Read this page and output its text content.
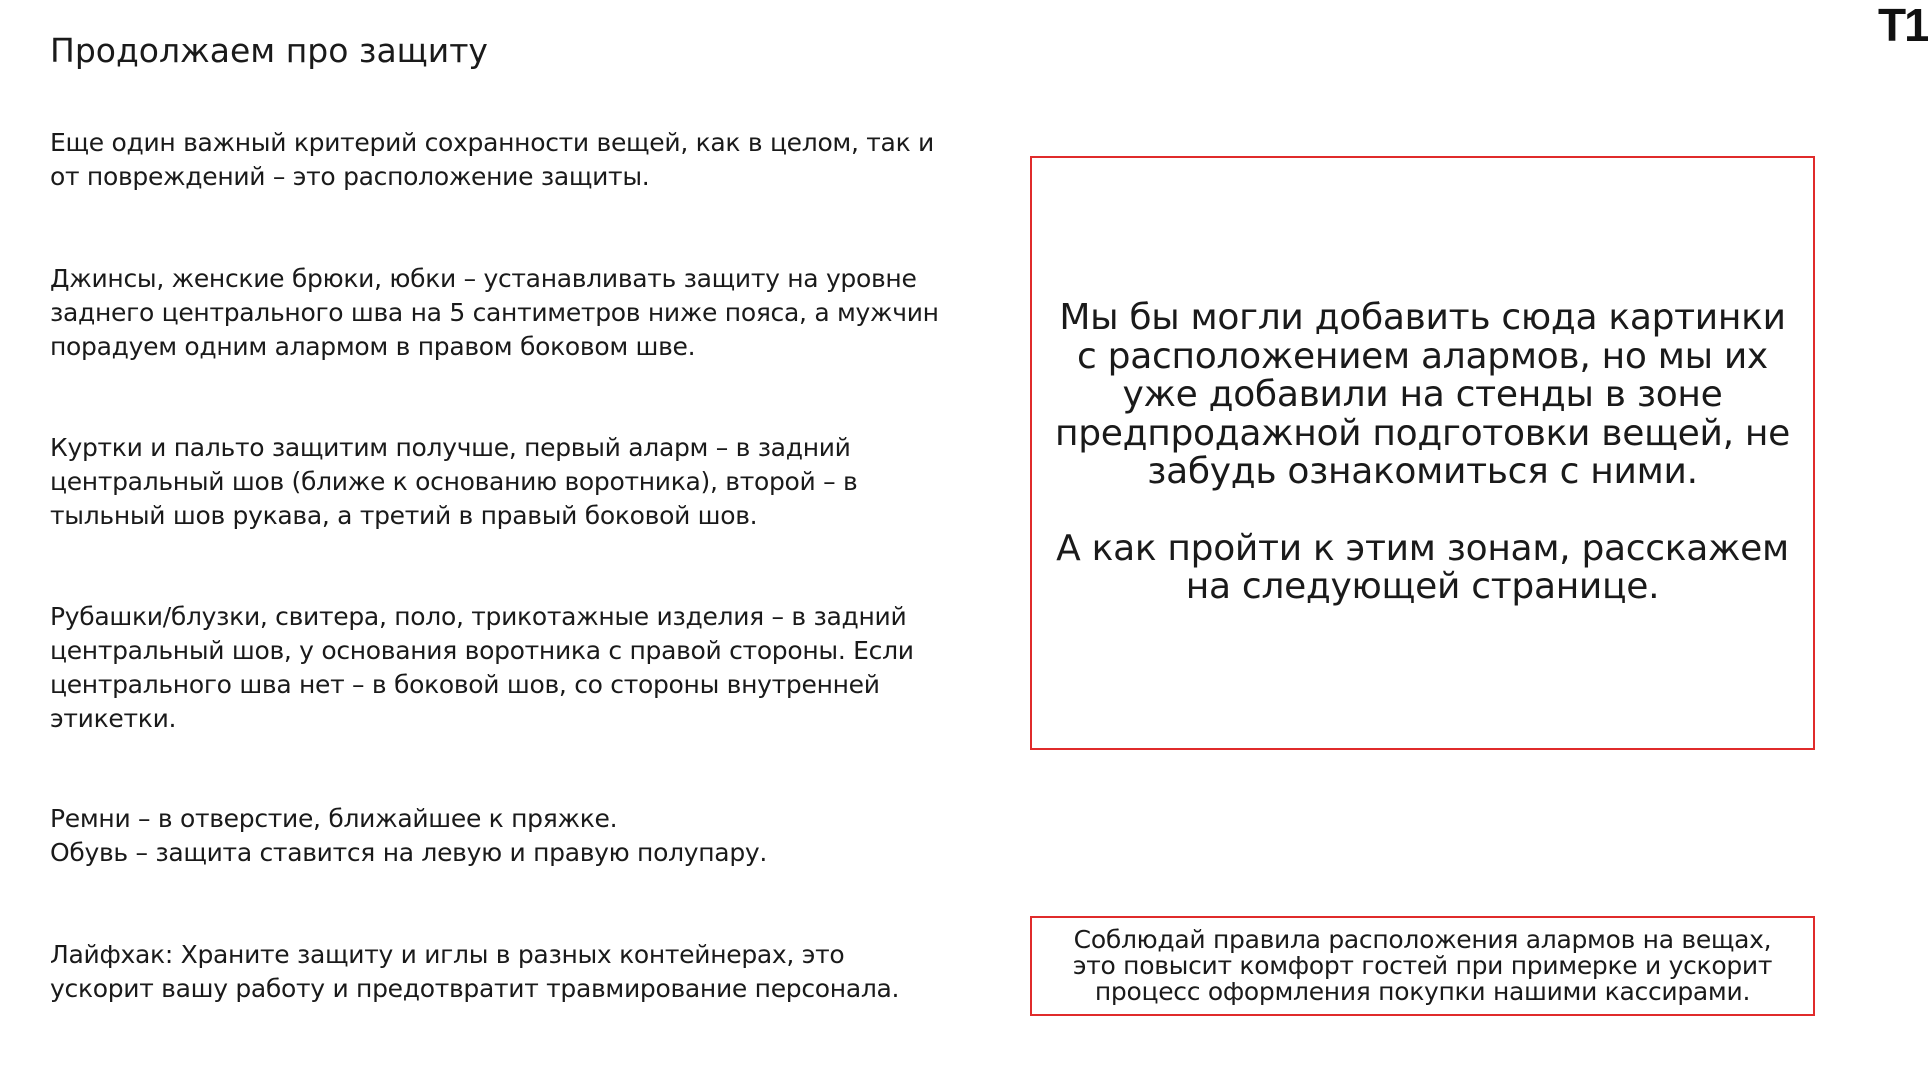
Продолжаем про защиту	T1

Еще один важный критерий сохранности вещей, как в целом, так и
от повреждений – это расположение защиты.

Джинсы, женские брюки, юбки – устанавливать защиту на уровне
заднего центрального шва на 5 сантиметров ниже пояса, а мужчин
порадуем одним алармом в правом боковом шве.

Куртки и пальто защитим получше, первый аларм – в задний
центральный шов (ближе к основанию воротника), второй – в
тыльный шов рукава, а третий в правый боковой шов.

Рубашки/блузки, свитера, поло, трикотажные изделия – в задний
центральный шов, у основания воротника с правой стороны. Если
центрального шва нет – в боковой шов, со стороны внутренней
этикетки.

Ремни – в отверстие, ближайшее к пряжке.
Обувь – защита ставится на левую и правую полупару.

Лайфхак: Храните защиту и иглы в разных контейнерах, это
ускорит вашу работу и предотвратит травмирование персонала.

Мы бы могли добавить сюда картинки
с расположением алармов, но мы их
уже добавили на стенды в зоне
предпродажной подготовки вещей, не
забудь ознакомиться с ними.

А как пройти к этим зонам, расскажем
на следующей странице.

Соблюдай правила расположения алармов на вещах,
это повысит комфорт гостей при примерке и ускорит
процесс оформления покупки нашими кассирами.
